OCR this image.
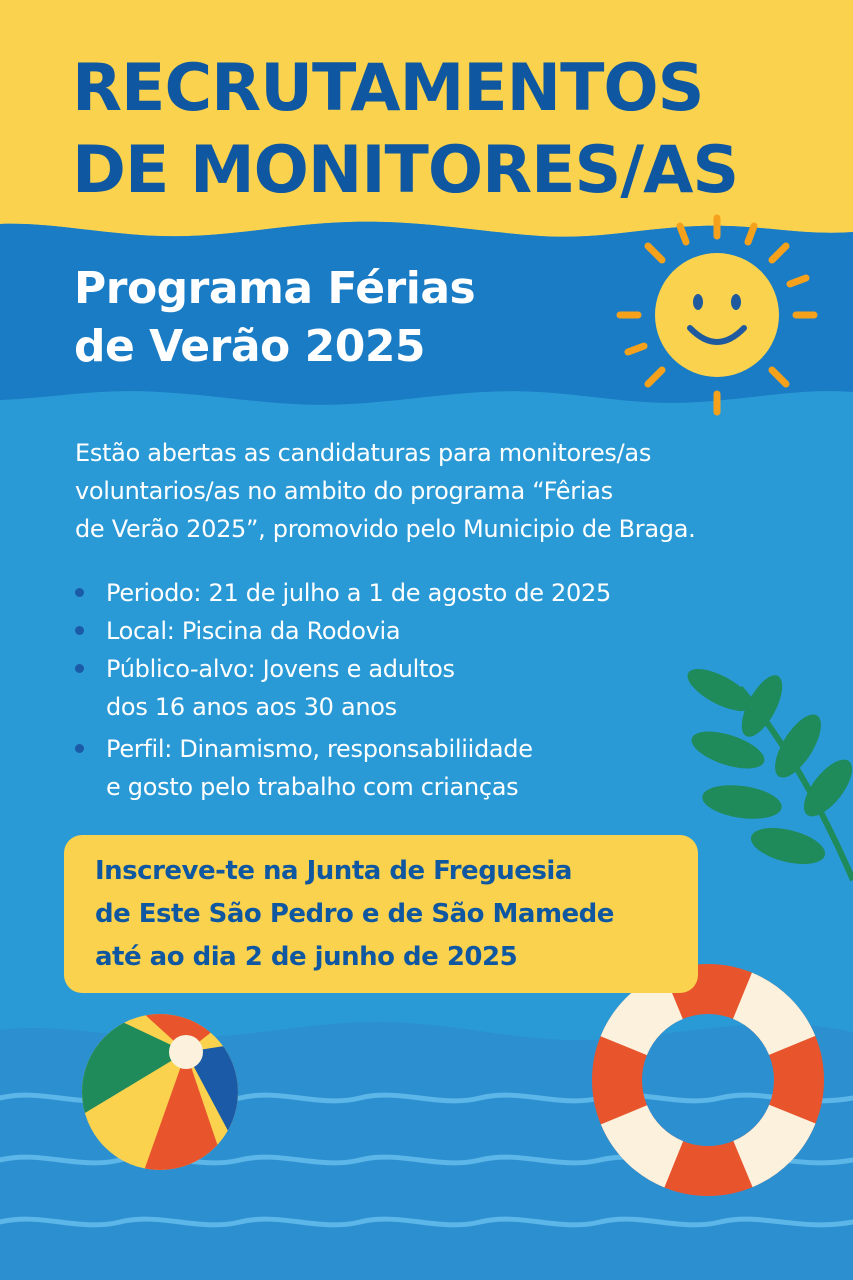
RECRUTAMENTOS
DE MONITORES/AS
Programa Férias
de Verão 2025

Estão abertas as candidaturas para monitores/as
voluntarios/as no ambito do programa “Fêrias
de Verão 2025”, promovido pelo Municipio de Braga.

Periodo: 21 de julho a 1 de agosto de 2025
Local: Piscina da Rodovia
Público-alvo: Jovens e adultos
dos 16 anos aos 30 anos
Perfil: Dinamismo, responsabiliidade
e gosto pelo trabalho com crianças

Inscreve-te na Junta de Freguesia
de Este São Pedro e de São Mamede
até ao dia 2 de junho de 2025
